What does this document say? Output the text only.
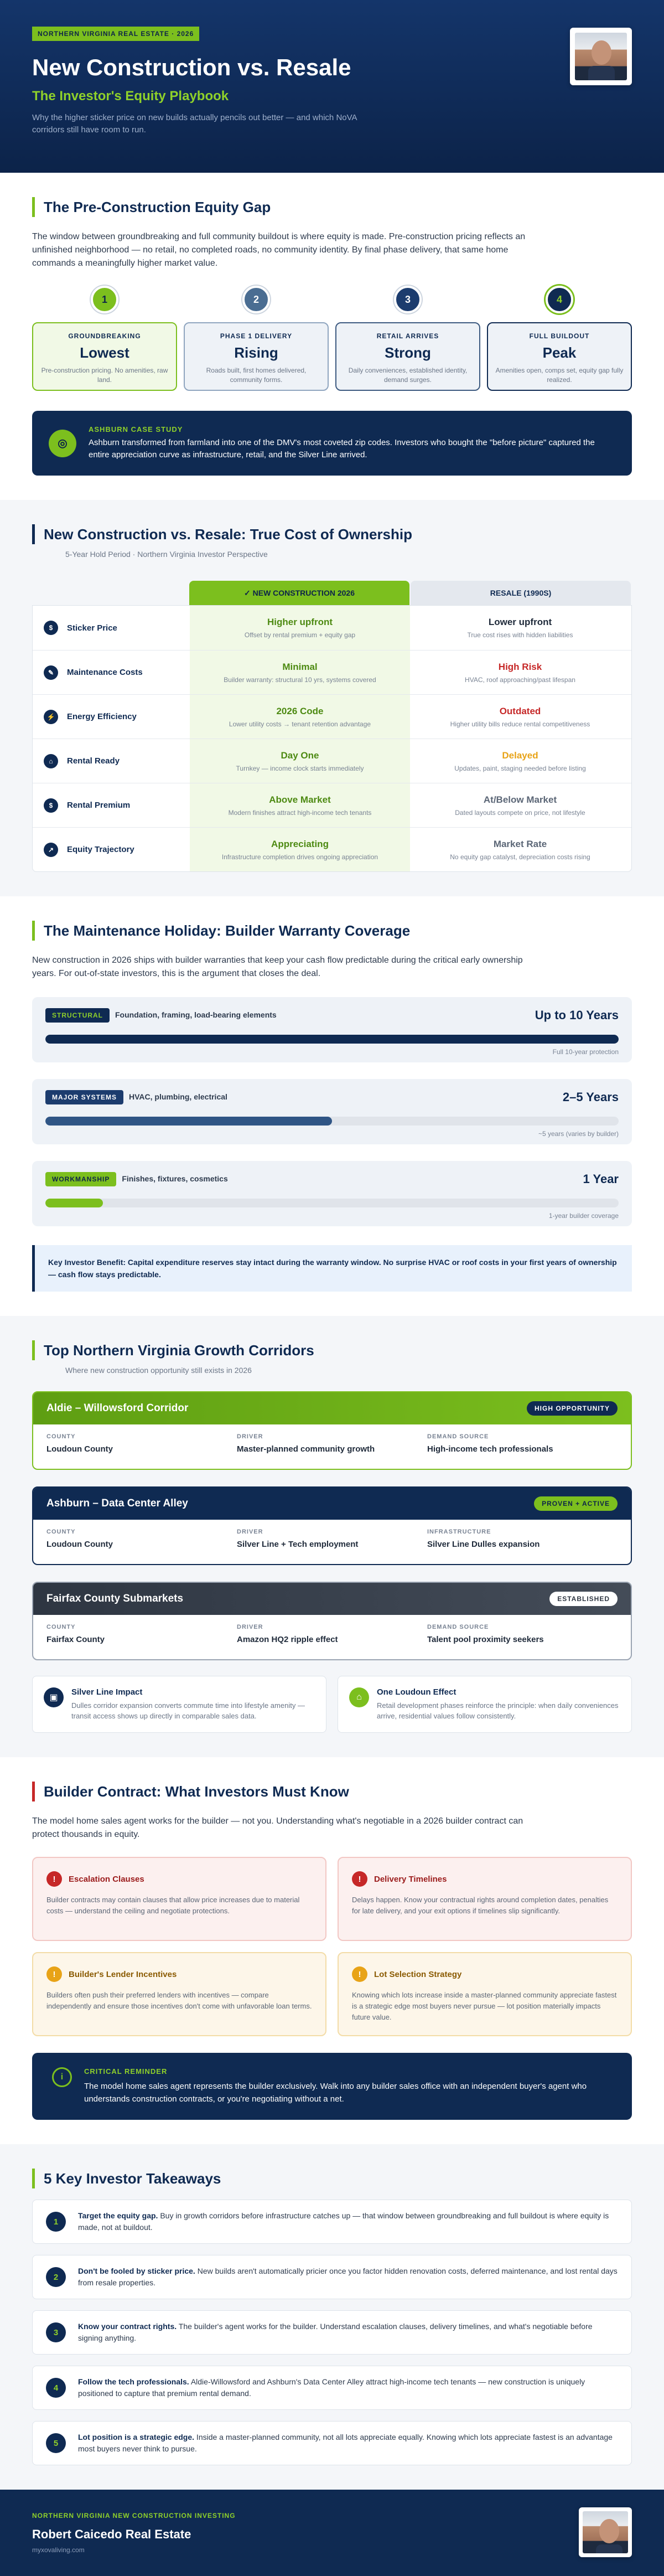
NORTHERN VIRGINIA REAL ESTATE · 2026
New Construction vs. Resale
The Investor's Equity Playbook

Why the higher sticker price on new builds actually pencils out better — and which NoVA corridors still have room to run.

The Pre-Construction Equity Gap

The window between groundbreaking and full community buildout is where equity is made. Pre-construction pricing reflects an unfinished neighborhood — no retail, no completed roads, no community identity. By final phase delivery, that same home commands a meaningfully higher market value.

1
GROUNDBREAKING
Lowest
Pre-construction pricing. No amenities, raw land.
2
PHASE 1 DELIVERY
Rising
Roads built, first homes delivered, community forms.
3
RETAIL ARRIVES
Strong
Daily conveniences, established identity, demand surges.
4
FULL BUILDOUT
Peak
Amenities open, comps set, equity gap fully realized.
◎
ASHBURN CASE STUDY
Ashburn transformed from farmland into one of the DMV's most coveted zip codes. Investors who bought the "before picture" captured the entire appreciation curve as infrastructure, retail, and the Silver Line arrived.
New Construction vs. Resale: True Cost of Ownership
5-Year Hold Period · Northern Virginia Investor Perspective
✓ NEW CONSTRUCTION 2026	RESALE (1990S)
$	Sticker Price
Higher upfront
Offset by rental premium + equity gap
Lower upfront
True cost rises with hidden liabilities
✎	Maintenance Costs
Minimal
Builder warranty: structural 10 yrs, systems covered
High Risk
HVAC, roof approaching/past lifespan
⚡	Energy Efficiency
2026 Code
Lower utility costs → tenant retention advantage
Outdated
Higher utility bills reduce rental competitiveness
⌂	Rental Ready
Day One
Turnkey — income clock starts immediately
Delayed
Updates, paint, staging needed before listing
$	Rental Premium
Above Market
Modern finishes attract high-income tech tenants
At/Below Market
Dated layouts compete on price, not lifestyle
↗	Equity Trajectory
Appreciating
Infrastructure completion drives ongoing appreciation
Market Rate
No equity gap catalyst, depreciation costs rising
The Maintenance Holiday: Builder Warranty Coverage

New construction in 2026 ships with builder warranties that keep your cash flow predictable during the critical early ownership years. For out-of-state investors, this is the argument that closes the deal.

STRUCTURAL Foundation, framing, load-bearing elements	Up to 10 Years
Full 10-year protection
MAJOR SYSTEMS HVAC, plumbing, electrical	2–5 Years
~5 years (varies by builder)
WORKMANSHIP Finishes, fixtures, cosmetics	1 Year
1-year builder coverage
Key Investor Benefit: Capital expenditure reserves stay intact during the warranty window. No surprise HVAC or roof costs in your first years of ownership — cash flow stays predictable.
Top Northern Virginia Growth Corridors
Where new construction opportunity still exists in 2026
Aldie – Willowsford Corridor	HIGH OPPORTUNITY
COUNTY
Loudoun County
DRIVER
Master-planned community growth
DEMAND SOURCE
High-income tech professionals
Ashburn – Data Center Alley	PROVEN + ACTIVE
COUNTY
Loudoun County
DRIVER
Silver Line + Tech employment
INFRASTRUCTURE
Silver Line Dulles expansion
Fairfax County Submarkets	ESTABLISHED
COUNTY
Fairfax County
DRIVER
Amazon HQ2 ripple effect
DEMAND SOURCE
Talent pool proximity seekers
▣
Silver Line Impact
Dulles corridor expansion converts commute time into lifestyle amenity — transit access shows up directly in comparable sales data.
⌂
One Loudoun Effect
Retail development phases reinforce the principle: when daily conveniences arrive, residential values follow consistently.
Builder Contract: What Investors Must Know

The model home sales agent works for the builder — not you. Understanding what's negotiable in a 2026 builder contract can protect thousands in equity.

!	Escalation Clauses
Builder contracts may contain clauses that allow price increases due to material costs — understand the ceiling and negotiate protections.
!	Delivery Timelines
Delays happen. Know your contractual rights around completion dates, penalties for late delivery, and your exit options if timelines slip significantly.
!	Builder's Lender Incentives
Builders often push their preferred lenders with incentives — compare independently and ensure those incentives don't come with unfavorable loan terms.
!	Lot Selection Strategy
Knowing which lots increase inside a master-planned community appreciate fastest is a strategic edge most buyers never pursue — lot position materially impacts future value.
i
CRITICAL REMINDER
The model home sales agent represents the builder exclusively. Walk into any builder sales office with an independent buyer's agent who understands construction contracts, or you're negotiating without a net.
5 Key Investor Takeaways
1
Target the equity gap. Buy in growth corridors before infrastructure catches up — that window between groundbreaking and full buildout is where equity is made, not at buildout.
2
Don't be fooled by sticker price. New builds aren't automatically pricier once you factor hidden renovation costs, deferred maintenance, and lost rental days from resale properties.
3
Know your contract rights. The builder's agent works for the builder. Understand escalation clauses, delivery timelines, and what's negotiable before signing anything.
4
Follow the tech professionals. Aldie-Willowsford and Ashburn's Data Center Alley attract high-income tech tenants — new construction is uniquely positioned to capture that premium rental demand.
5
Lot position is a strategic edge. Inside a master-planned community, not all lots appreciate equally. Knowing which lots appreciate fastest is an advantage most buyers never think to pursue.
NORTHERN VIRGINIA NEW CONSTRUCTION INVESTING
Robert Caicedo Real Estate
myxovaliving.com
